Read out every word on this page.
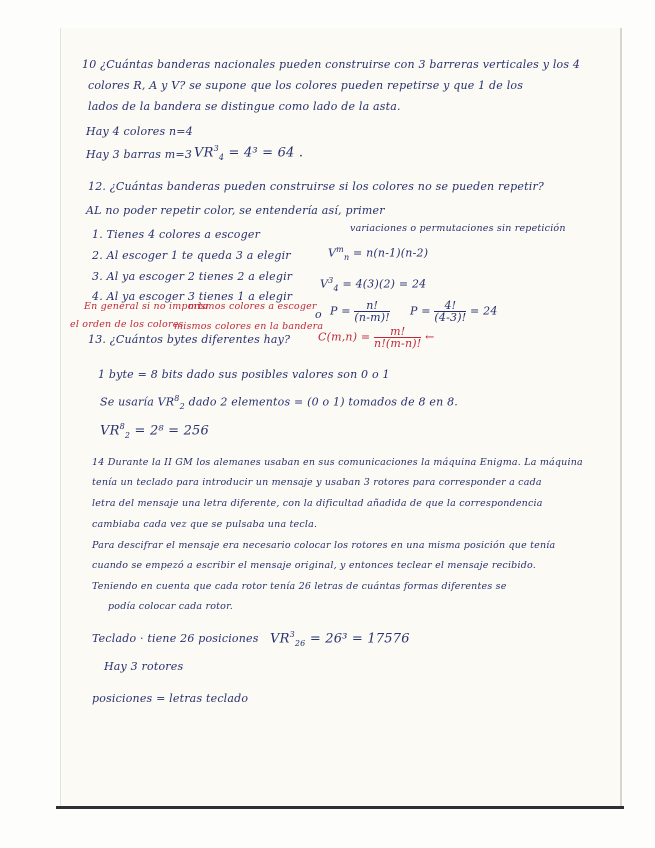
10 ¿Cuántas banderas nacionales pueden construirse con 3 barreras verticales y los 4
colores R, A y V? se supone que los colores pueden repetirse y que 1 de los
lados de la bandera se distingue como lado de la asta.
Hay 4 colores n=4
Hay 3 barras m=3 $VR^3_4 = 4^3 = 64$ .
12. ¿Cuántas banderas pueden construirse si los colores no se pueden repetir?
AL no poder repetir color, se entendería así, primer
variaciones o permutaciones sin repetición
1. Tienes 4 colores a escoger
2. Al escoger 1 te queda 3 a elegir
3. Al ya escoger 2 tienes 2 a elegir
4. Al ya escoger 3 tienes 1 a elegir
$V^m_n = n(n-1)(n-2)$
$V^3_4 = 4(3)(2) = 24$
o $P = \frac{n!}{(n-m)!}$ $P = \frac{4!}{(4-3)!} = 24$
En general si no importa
el orden de los colores
mismos colores a escoger
mismos colores en la bandera
$C(m,n) = \frac{m!}{n!(m-n)!}$ ←
13. ¿Cuántos bytes diferentes hay?
1 byte = 8 bits dado sus posibles valores son 0 o 1
Se usaría $VR^8_2$ dado 2 elementos = (0 o 1) tomados de 8 en 8.
$VR^8_2 = 2^8 = 256$
14 Durante la II GM los alemanes usaban en sus comunicaciones la máquina Enigma. La máquina
tenía un teclado para introducir un mensaje y usaban 3 rotores para corresponder a cada
letra del mensaje una letra diferente, con la dificultad añadida de que la correspondencia
cambiaba cada vez que se pulsaba una tecla.
Para descifrar el mensaje era necesario colocar los rotores en una misma posición que tenía
cuando se empezó a escribir el mensaje original, y entonces teclear el mensaje recibido.
Teniendo en cuenta que cada rotor tenía 26 letras de cuántas formas diferentes se
podía colocar cada rotor.
Teclado · tiene 26 posiciones $VR^3_{26} = 26^3 = 17576$
Hay 3 rotores
posiciones = letras teclado
